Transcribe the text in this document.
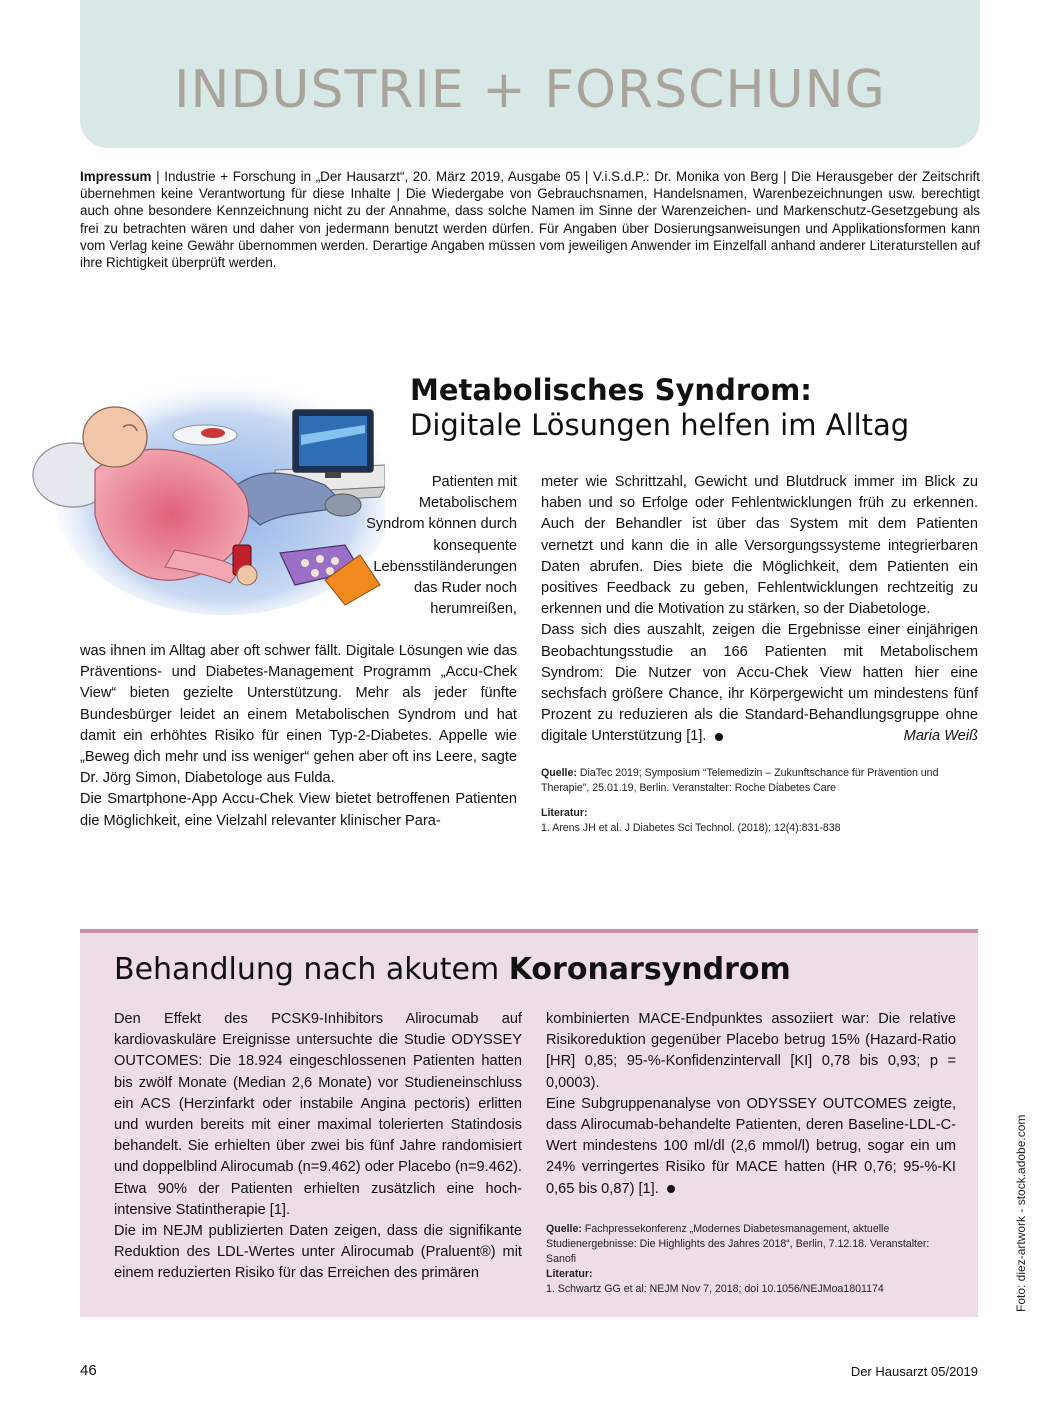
INDUSTRIE + FORSCHUNG
Impressum | Industrie + Forschung in „Der Hausarzt“, 20. März 2019, Ausgabe 05 | V.i.S.d.P.: Dr. Monika von Berg | Die Herausgeber der Zeitschrift übernehmen keine Verantwortung für diese Inhalte | Die Wiedergabe von Gebrauchsnamen, Handelsnamen, Warenbezeichnungen usw. berechtigt auch ohne besondere Kennzeichnung nicht zu der Annahme, dass solche Namen im Sinne der Warenzeichen- und Markenschutz-Gesetzgebung als frei zu betrachten wären und daher von jedermann benutzt werden dürfen. Für Angaben über Dosierungsanweisungen und Applikationsformen kann vom Verlag keine Gewähr übernommen werden. Derartige Angaben müssen vom jeweiligen Anwender im Einzelfall anhand anderer Literaturstellen auf ihre Richtigkeit überprüft werden.
Metabolisches Syndrom:
Digitale Lösungen helfen im Alltag
Patienten mit Metabolischem Syndrom können durch konsequente Lebensstiländerungen das Ruder noch herumreißen,

was ihnen im Alltag aber oft schwer fällt. Digitale Lösungen wie das Präventions- und Diabetes-Management Programm „Accu-Chek View“ bieten gezielte Unterstützung. Mehr als jeder fünfte Bundesbürger leidet an einem Metabolischen Syndrom und hat damit ein erhöhtes Risiko für einen Typ-2-Diabetes. Appelle wie „Beweg dich mehr und iss weniger“ gehen aber oft ins Leere, sagte Dr. Jörg Simon, Diabetologe aus Fulda.

Die Smartphone-App Accu-Chek View bietet betroffenen Patienten die Möglichkeit, eine Vielzahl relevanter klinischer Para-

meter wie Schrittzahl, Gewicht und Blutdruck immer im Blick zu haben und so Erfolge oder Fehlentwicklungen früh zu erkennen. Auch der Behandler ist über das System mit dem Patienten vernetzt und kann die in alle Versorgungssysteme integrierbaren Daten abrufen. Dies biete die Möglichkeit, dem Patienten ein positives Feedback zu geben, Fehlentwicklungen rechtzeitig zu erkennen und die Motivation zu stärken, so der Diabetologe.

Dass sich dies auszahlt, zeigen die Ergebnisse einer einjährigen Beobachtungsstudie an 166 Patienten mit Metabolischem Syndrom: Die Nutzer von Accu-Chek View hatten hier eine sechsfach größere Chance, ihr Körpergewicht um mindestens fünf Prozent zu reduzieren als die Standard-Behandlungsgruppe ohne digitale Unterstützung [1].	Maria Weiß

Quelle: DiaTec 2019; Symposium “Telemedizin – Zukunftschance für Prävention und Therapie”, 25.01.19, Berlin. Veranstalter: Roche Diabetes Care
Literatur:
1. Arens JH et al. J Diabetes Sci Technol. (2018); 12(4):831-838
Behandlung nach akutem Koronarsyndrom

Den Effekt des PCSK9-Inhibitors Alirocumab auf kardiovaskuläre Ereignisse untersuchte die Studie ODYSSEY OUTCOMES: Die 18.924 eingeschlossenen Patienten hatten bis zwölf Monate (Median 2,6 Monate) vor Studieneinschluss ein ACS (Herzinfarkt oder instabile Angina pectoris) erlitten und wurden bereits mit einer maximal tolerierten Statindosis behandelt. Sie erhielten über zwei bis fünf Jahre randomisiert und doppelblind Alirocumab (n=9.462) oder Placebo (n=9.462). Etwa 90% der Patienten erhielten zusätzlich eine hoch-intensive Statintherapie [1].

Die im NEJM publizierten Daten zeigen, dass die signifikante Reduktion des LDL-Wertes unter Alirocumab (Praluent®) mit einem reduzierten Risiko für das Erreichen des primären

kombinierten MACE-Endpunktes assoziiert war: Die relative Risikoreduktion gegenüber Placebo betrug 15% (Hazard-Ratio [HR] 0,85; 95-%-Konfidenzintervall [KI] 0,78 bis 0,93; p = 0,0003).

Eine Subgruppenanalyse von ODYSSEY OUTCOMES zeigte, dass Alirocumab-behandelte Patienten, deren Baseline-LDL-C-Wert mindestens 100 ml/dl (2,6 mmol/l) betrug, sogar ein um 24% verringertes Risiko für MACE hatten (HR 0,76; 95-%-KI 0,65 bis 0,87) [1].

Quelle: Fachpressekonferenz „Modernes Diabetesmanagement, aktuelle Studienergebnisse: Die Highlights des Jahres 2018“, Berlin, 7.12.18. Veranstalter: Sanofi
Literatur:
1. Schwartz GG et al: NEJM Nov 7, 2018; doi 10.1056/NEJMoa1801174	Foto: diez-artwork - stock.adobe.com
46	Der Hausarzt 05/2019
